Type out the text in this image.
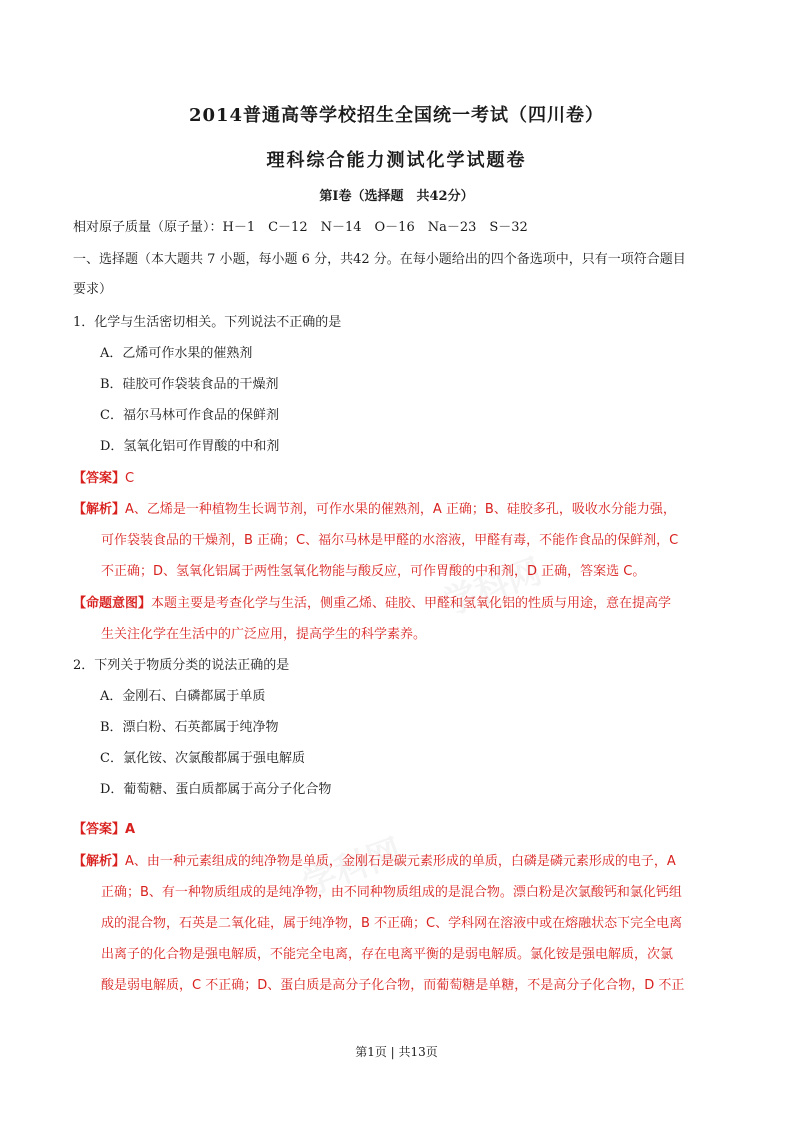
学科网
学科网
2014普通高等学校招生全国统一考试（四川卷）
理科综合能力测试化学试题卷
第Ⅰ卷（选择题　共42分）
相对原子质量（原子量）：H－1　C－12　N－14　O－16　Na－23　S－32
一、选择题（本大题共 7 小题，每小题 6 分，共42 分。在每小题给出的四个备选项中，只有一项符合题目
要求）
1．化学与生活密切相关。下列说法不正确的是
A．乙烯可作水果的催熟剂
B．硅胶可作袋装食品的干燥剂
C．福尔马林可作食品的保鲜剂
D．氢氧化铝可作胃酸的中和剂
【答案】C
【解析】A、乙烯是一种植物生长调节剂，可作水果的催熟剂，A 正确；B、硅胶多孔，吸收水分能力强，
可作袋装食品的干燥剂，B 正确；C、福尔马林是甲醛的水溶液，甲醛有毒，不能作食品的保鲜剂，C
不正确；D、氢氧化铝属于两性氢氧化物能与酸反应，可作胃酸的中和剂，D 正确，答案选 C。
【命题意图】本题主要是考查化学与生活，侧重乙烯、硅胶、甲醛和氢氧化铝的性质与用途，意在提高学
生关注化学在生活中的广泛应用，提高学生的科学素养。
2．下列关于物质分类的说法正确的是
A．金刚石、白磷都属于单质
B．漂白粉、石英都属于纯净物
C．氯化铵、次氯酸都属于强电解质
D．葡萄糖、蛋白质都属于高分子化合物
【答案】A
【解析】A、由一种元素组成的纯净物是单质，金刚石是碳元素形成的单质，白磷是磷元素形成的电子，A
正确；B、有一种物质组成的是纯净物，由不同种物质组成的是混合物。漂白粉是次氯酸钙和氯化钙组
成的混合物，石英是二氧化硅，属于纯净物，B 不正确；C、学科网在溶液中或在熔融状态下完全电离
出离子的化合物是强电解质，不能完全电离，存在电离平衡的是弱电解质。氯化铵是强电解质，次氯
酸是弱电解质，C 不正确；D、蛋白质是高分子化合物，而葡萄糖是单糖，不是高分子化合物，D 不正
第1页 | 共13页
